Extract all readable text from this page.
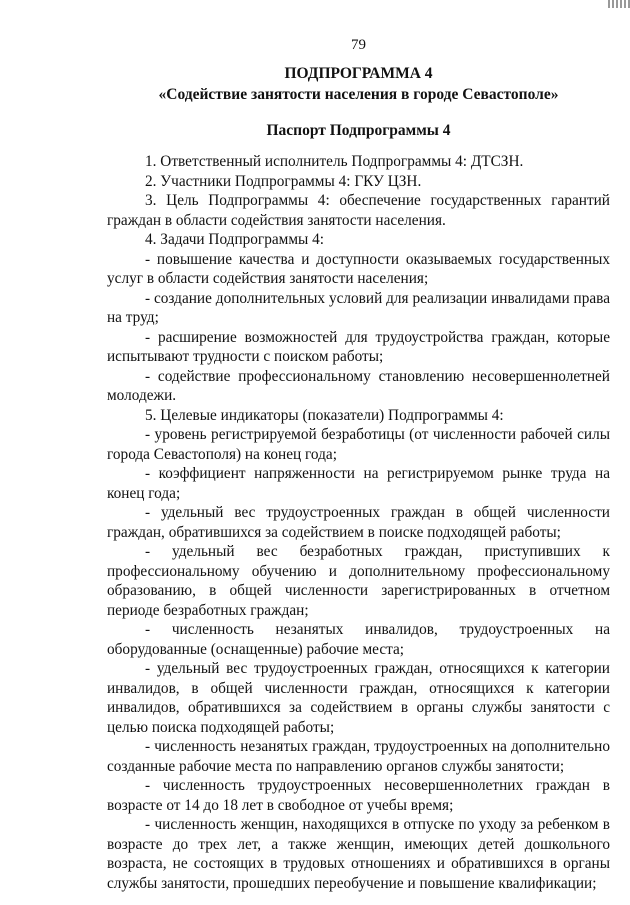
79
ПОДПРОГРАММА 4
«Содействие занятости населения в городе Севастополе»
Паспорт Подпрограммы 4

1. Ответственный исполнитель Подпрограммы 4: ДТСЗН.

2. Участники Подпрограммы 4: ГКУ ЦЗН.

3. Цель Подпрограммы 4: обеспечение государственных гарантий граждан в области содействия занятости населения.

4. Задачи Подпрограммы 4:

- повышение качества и доступности оказываемых государственных услуг в области содействия занятости населения;

- создание дополнительных условий для реализации инвалидами права на труд;

- расширение возможностей для трудоустройства граждан, которые испытывают трудности с поиском работы;

- содействие профессиональному становлению несовершеннолетней молодежи.

5. Целевые индикаторы (показатели) Подпрограммы 4:

- уровень регистрируемой безработицы (от численности рабочей силы города Севастополя) на конец года;

- коэффициент напряженности на регистрируемом рынке труда на конец года;

- удельный вес трудоустроенных граждан в общей численности граждан, обратившихся за содействием в поиске подходящей работы;

- удельный вес безработных граждан, приступивших к профессиональному обучению и дополнительному профессиональному образованию, в общей численности зарегистрированных в отчетном периоде безработных граждан;

- численность незанятых инвалидов, трудоустроенных на оборудованные (оснащенные) рабочие места;

- удельный вес трудоустроенных граждан, относящихся к категории инвалидов, в общей численности граждан, относящихся к категории инвалидов, обратившихся за содействием в органы службы занятости с целью поиска подходящей работы;

- численность незанятых граждан, трудоустроенных на дополнительно созданные рабочие места по направлению органов службы занятости;

- численность трудоустроенных несовершеннолетних граждан в возрасте от 14 до 18 лет в свободное от учебы время;

- численность женщин, находящихся в отпуске по уходу за ребенком в возрасте до трех лет, а также женщин, имеющих детей дошкольного возраста, не состоящих в трудовых отношениях и обратившихся в органы службы занятости, прошедших переобучение и повышение квалификации;
